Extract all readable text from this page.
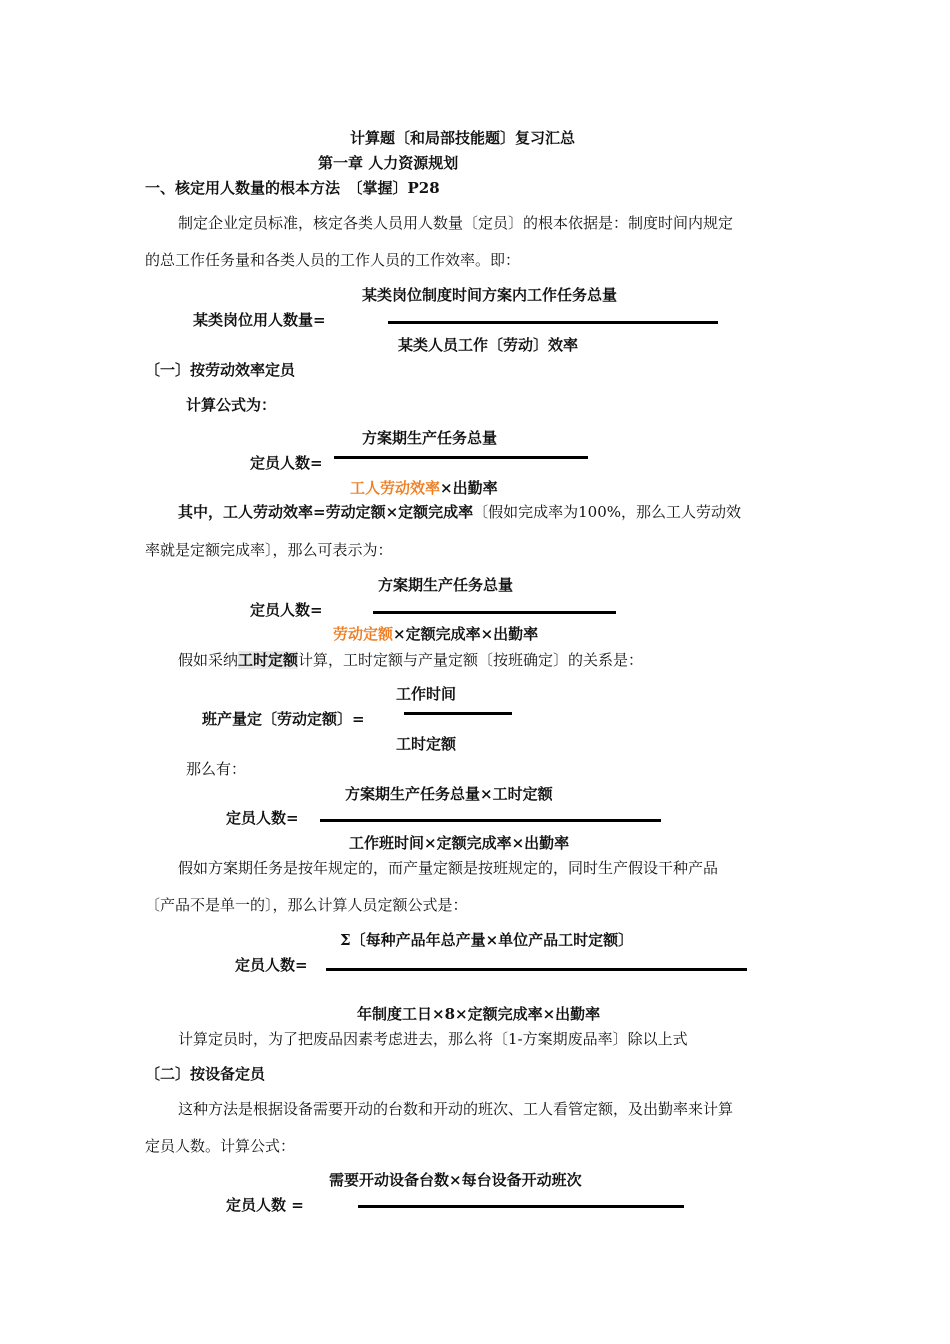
计算题〔和局部技能题〕复习汇总
第一章 人力资源规划
一、核定用人数量的根本方法　〔掌握〕P28
制定企业定员标准，核定各类人员用人数量〔定员〕的根本依据是：制度时间内规定
的总工作任务量和各类人员的工作人员的工作效率。即：
某类岗位制度时间方案内工作任务总量
某类岗位用人数量=
某类人员工作〔劳动〕效率
〔一〕按劳动效率定员
计算公式为：
方案期生产任务总量
定员人数=
工人劳动效率×出勤率
其中，工人劳动效率=劳动定额×定额完成率〔假如完成率为100%，那么工人劳动效
率就是定额完成率〕，那么可表示为：
方案期生产任务总量
定员人数=
劳动定额×定额完成率×出勤率
假如采纳工时定额计算，工时定额与产量定额〔按班确定〕的关系是：
工作时间
班产量定〔劳动定额〕=
工时定额
那么有：
方案期生产任务总量×工时定额
定员人数=
工作班时间×定额完成率×出勤率
假如方案期任务是按年规定的，而产量定额是按班规定的，同时生产假设干种产品
〔产品不是单一的〕，那么计算人员定额公式是：
Σ〔每种产品年总产量×单位产品工时定额〕
定员人数=
年制度工日×8×定额完成率×出勤率
计算定员时，为了把废品因素考虑进去，那么将〔1-方案期废品率〕除以上式
〔二〕按设备定员
这种方法是根据设备需要开动的台数和开动的班次、工人看管定额，及出勤率来计算
定员人数。计算公式：
需要开动设备台数×每台设备开动班次
定员人数 =
